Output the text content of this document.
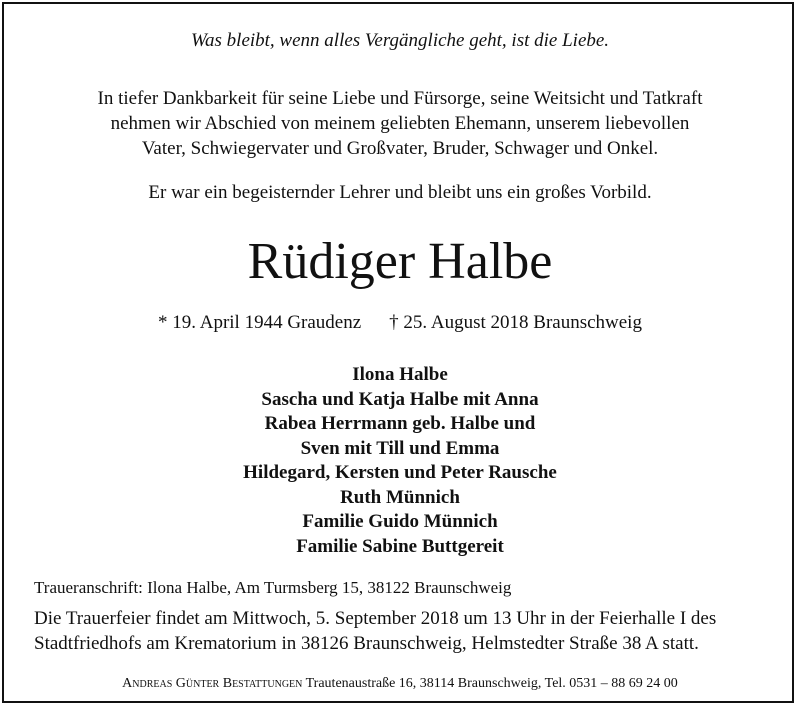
Was bleibt, wenn alles Vergängliche geht, ist die Liebe.
In tiefer Dankbarkeit für seine Liebe und Fürsorge, seine Weitsicht und Tatkraft
nehmen wir Abschied von meinem geliebten Ehemann, unserem liebevollen
Vater, Schwiegervater und Großvater, Bruder, Schwager und Onkel.
Er war ein begeisternder Lehrer und bleibt uns ein großes Vorbild.
Rüdiger Halbe
* 19. April 1944 Graudenz † 25. August 2018 Braunschweig
Ilona Halbe
Sascha und Katja Halbe mit Anna
Rabea Herrmann geb. Halbe und
Sven mit Till und Emma
Hildegard, Kersten und Peter Rausche
Ruth Münnich
Familie Guido Münnich
Familie Sabine Buttgereit
Traueranschrift: Ilona Halbe, Am Turmsberg 15, 38122 Braunschweig
Die Trauerfeier findet am Mittwoch, 5. September 2018 um 13 Uhr in der Feierhalle I des
Stadtfriedhofs am Krematorium in 38126 Braunschweig, Helmstedter Straße 38 A statt.
Andreas Günter Bestattungen Trautenaustraße 16, 38114 Braunschweig, Tel. 0531 – 88 69 24 00
